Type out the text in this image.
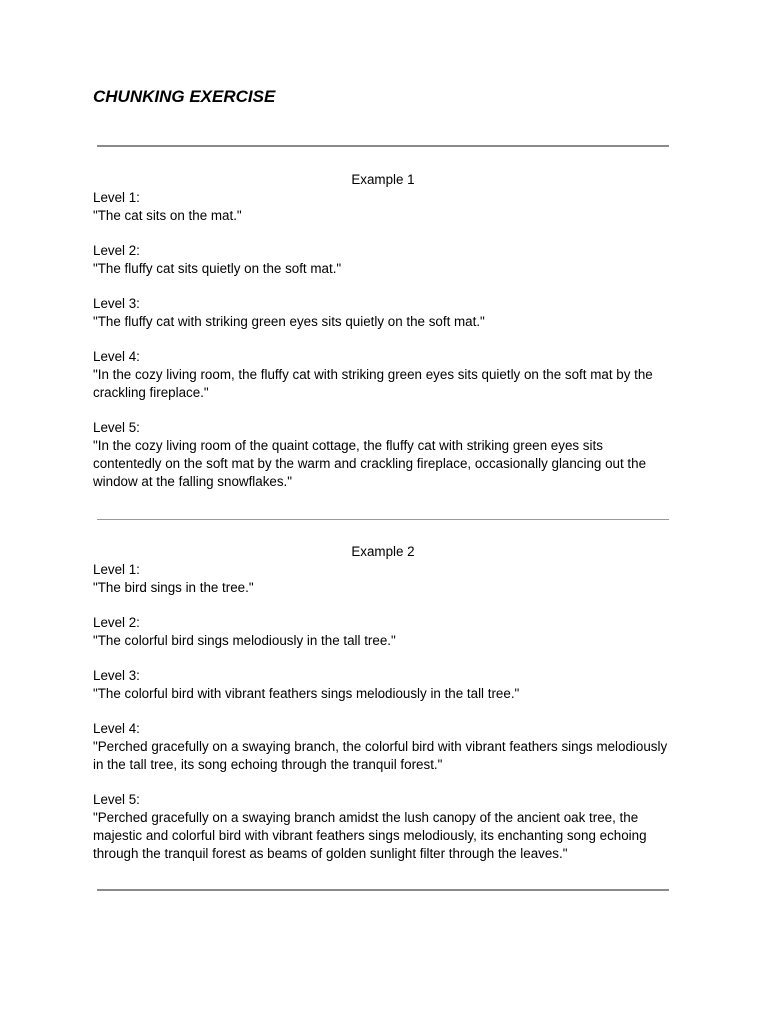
CHUNKING EXERCISE
Example 1
Level 1:
"The cat sits on the mat."
Level 2:
"The fluffy cat sits quietly on the soft mat."
Level 3:
"The fluffy cat with striking green eyes sits quietly on the soft mat."
Level 4:
"In the cozy living room, the fluffy cat with striking green eyes sits quietly on the soft mat by the crackling fireplace."
Level 5:
"In the cozy living room of the quaint cottage, the fluffy cat with striking green eyes sits contentedly on the soft mat by the warm and crackling fireplace, occasionally glancing out the window at the falling snowflakes."
Example 2
Level 1:
"The bird sings in the tree."
Level 2:
"The colorful bird sings melodiously in the tall tree."
Level 3:
"The colorful bird with vibrant feathers sings melodiously in the tall tree."
Level 4:
"Perched gracefully on a swaying branch, the colorful bird with vibrant feathers sings melodiously in the tall tree, its song echoing through the tranquil forest."
Level 5:
"Perched gracefully on a swaying branch amidst the lush canopy of the ancient oak tree, the majestic and colorful bird with vibrant feathers sings melodiously, its enchanting song echoing through the tranquil forest as beams of golden sunlight filter through the leaves."
